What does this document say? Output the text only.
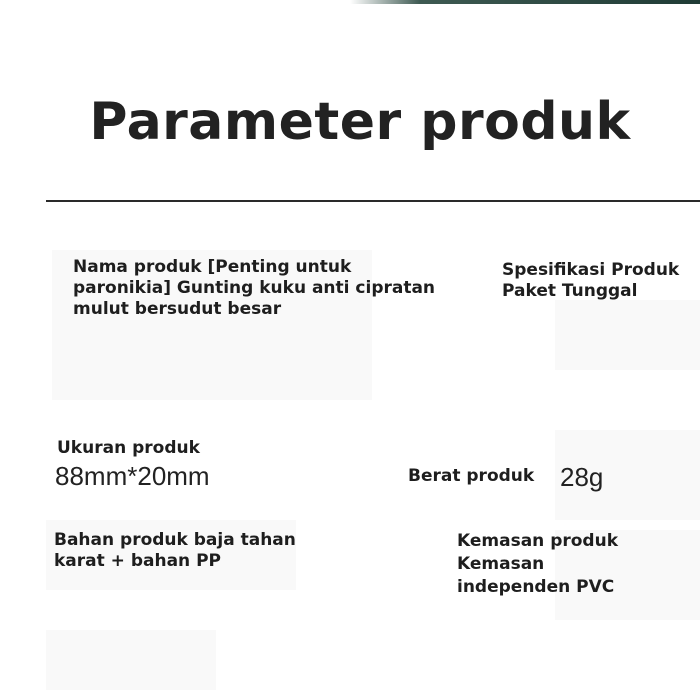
Parameter produk
Nama produk [Penting untuk
paronikia] Gunting kuku anti cipratan
mulut bersudut besar
Spesifikasi Produk
Paket Tunggal
Ukuran produk
88mm*20mm	Berat produk 28g
Bahan produk baja tahan
karat + bahan PP
Kemasan produk
Kemasan
independen PVC
